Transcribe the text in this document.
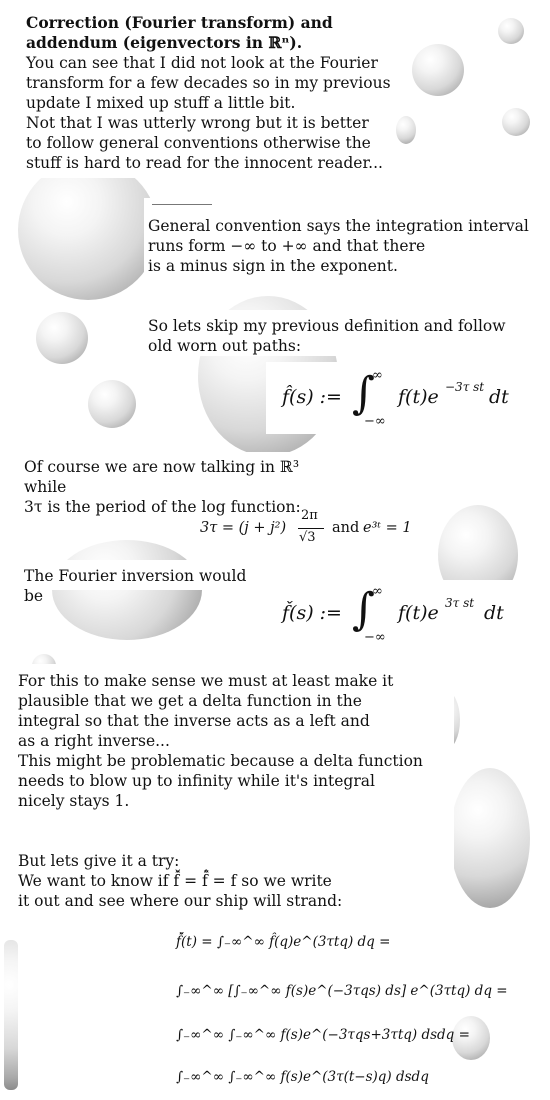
Correction (Fourier transform) and
addendum (eigenvectors in ℝⁿ).
You can see that I did not look at the Fourier
transform for a few decades so in my previous
update I mixed up stuff a little bit.
Not that I was utterly wrong but it is better
to follow general conventions otherwise the
stuff is hard to read for the innocent reader...
General convention says the integration interval
runs form −∞ to +∞ and that there
is a minus sign in the exponent.
So lets skip my previous definition and follow
old worn out paths:
f̂(s) := ∫
∞
−∞
f(t)e −3τ st dt
Of course we are now talking in ℝ³ while
3τ is the period of the log function:
3τ = (j + j²)
2π
√3
and e³ᵗ = 1
The Fourier inversion would be
f̌(s) := ∫
∞
−∞
f(t)e 3τ st dt
For this to make sense we must at least make it
plausible that we get a delta function in the
integral so that the inverse acts as a left and
as a right inverse...
This might be problematic because a delta function
needs to blow up to infinity while it's integral
nicely stays 1.
But lets give it a try:
We want to know if f̂̌ = f̌̂ = f so we write
it out and see where our ship will strand:
f̂̌(t) = ∫₋∞^∞ f̂(q)e^(3τtq) dq =
∫₋∞^∞ [∫₋∞^∞ f(s)e^(−3τqs) ds] e^(3τtq) dq =
∫₋∞^∞ ∫₋∞^∞ f(s)e^(−3τqs+3τtq) dsdq =
∫₋∞^∞ ∫₋∞^∞ f(s)e^(3τ(t−s)q) dsdq
